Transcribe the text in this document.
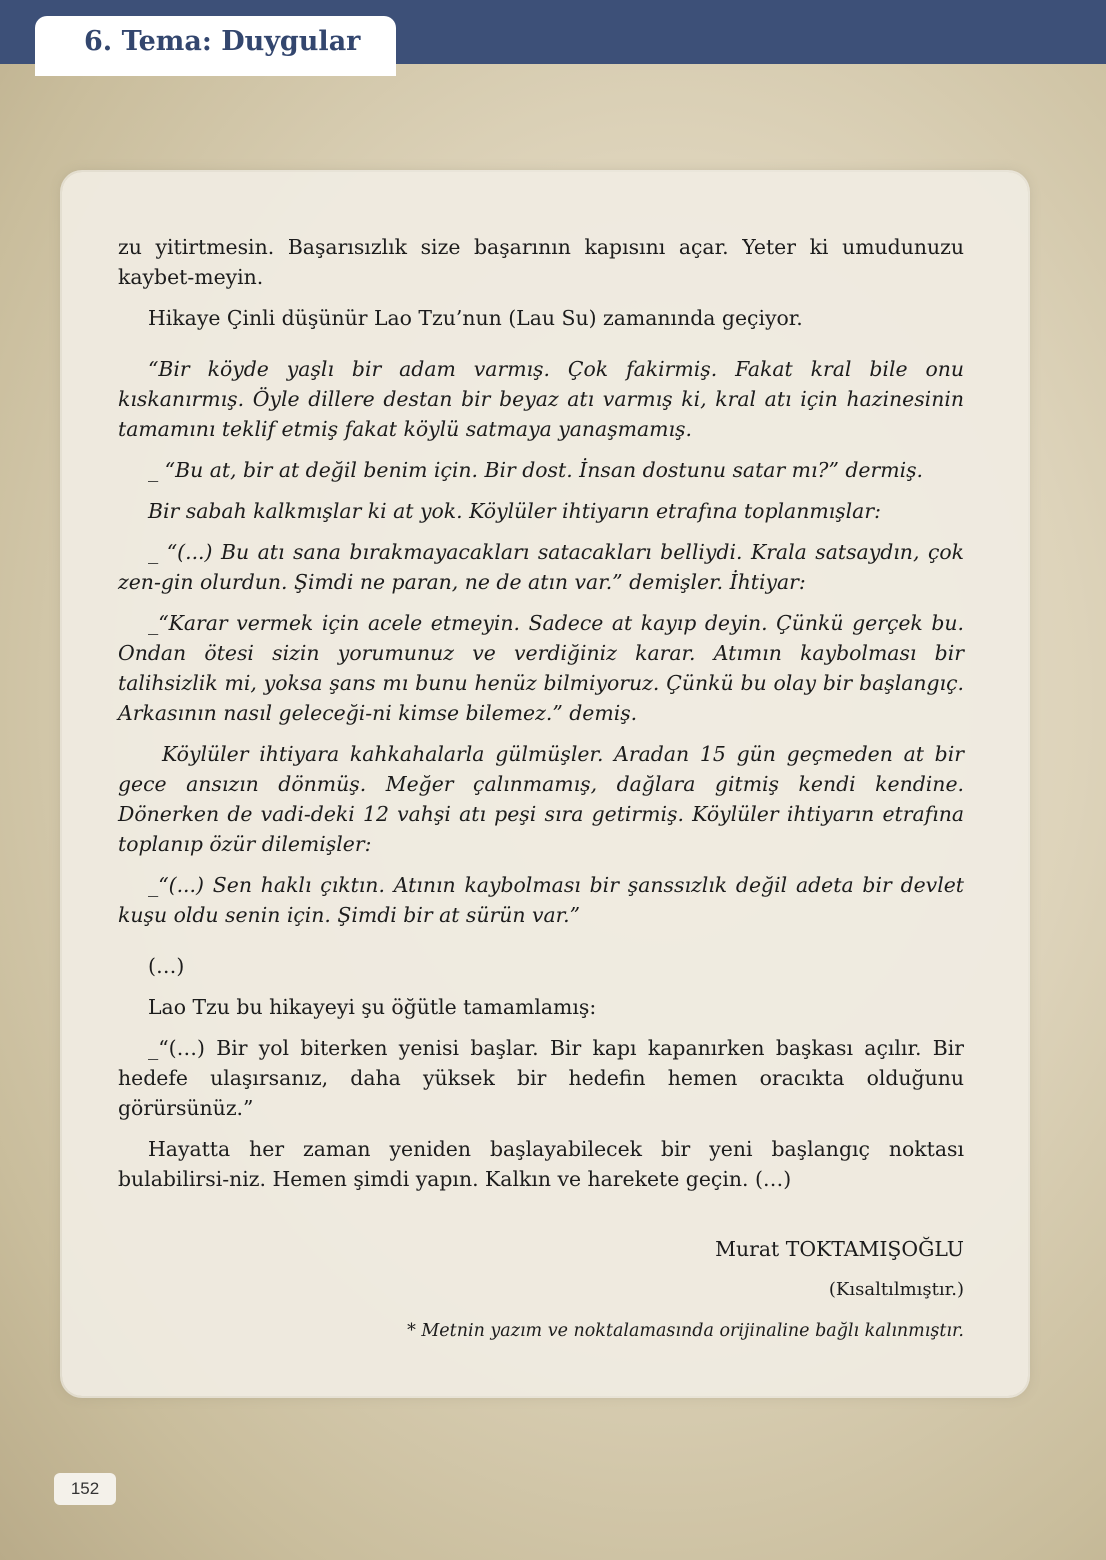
6. Tema: Duygular

zu yitirtmesin. Başarısızlık size başarının kapısını açar. Yeter ki umudunuzu kaybet-meyin.

Hikaye Çinli düşünür Lao Tzu’nun (Lau Su) zamanında geçiyor.

“Bir köyde yaşlı bir adam varmış. Çok fakirmiş. Fakat kral bile onu kıskanırmış. Öyle dillere destan bir beyaz atı varmış ki, kral atı için hazinesinin tamamını teklif etmiş fakat köylü satmaya yanaşmamış.

_ “Bu at, bir at değil benim için. Bir dost. İnsan dostunu satar mı?” dermiş.

Bir sabah kalkmışlar ki at yok. Köylüler ihtiyarın etrafına toplanmışlar:

_ “(...) Bu atı sana bırakmayacakları satacakları belliydi. Krala satsaydın, çok zen-gin olurdun. Şimdi ne paran, ne de atın var.” demişler. İhtiyar:

_“Karar vermek için acele etmeyin. Sadece at kayıp deyin. Çünkü gerçek bu. Ondan ötesi sizin yorumunuz ve verdiğiniz karar. Atımın kaybolması bir talihsizlik mi, yoksa şans mı bunu henüz bilmiyoruz. Çünkü bu olay bir başlangıç. Arkasının nasıl geleceği-ni kimse bilemez.” demiş.

Köylüler ihtiyara kahkahalarla gülmüşler. Aradan 15 gün geçmeden at bir gece ansızın dönmüş. Meğer çalınmamış, dağlara gitmiş kendi kendine. Dönerken de vadi-deki 12 vahşi atı peşi sıra getirmiş. Köylüler ihtiyarın etrafına toplanıp özür dilemişler:

_“(...) Sen haklı çıktın. Atının kaybolması bir şanssızlık değil adeta bir devlet kuşu oldu senin için. Şimdi bir at sürün var.”

(…)

Lao Tzu bu hikayeyi şu öğütle tamamlamış:

_“(…) Bir yol biterken yenisi başlar. Bir kapı kapanırken başkası açılır. Bir hedefe ulaşırsanız, daha yüksek bir hedefin hemen oracıkta olduğunu görürsünüz.”

Hayatta her zaman yeniden başlayabilecek bir yeni başlangıç noktası bulabilirsi-niz. Hemen şimdi yapın. Kalkın ve harekete geçin. (…)

Murat TOKTAMIŞOĞLU

(Kısaltılmıştır.)

* Metnin yazım ve noktalamasında orijinaline bağlı kalınmıştır.

152
